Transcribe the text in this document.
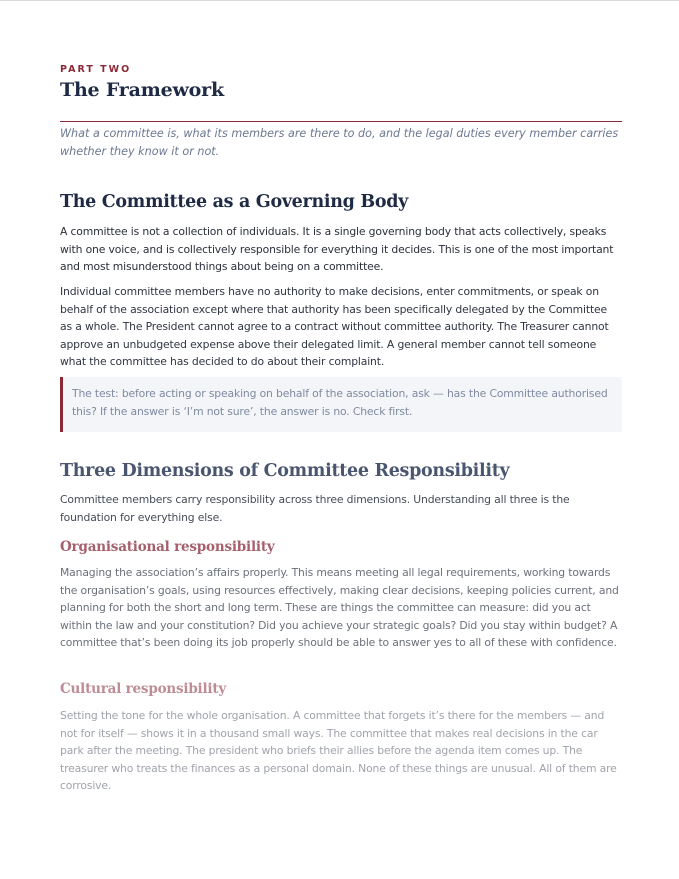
PART TWO
The Framework
What a committee is, what its members are there to do, and the legal duties every member carries whether they know it or not.
The Committee as a Governing Body

A committee is not a collection of individuals. It is a single governing body that acts collectively, speaks with one voice, and is collectively responsible for everything it decides. This is one of the most important and most misunderstood things about being on a committee.

Individual committee members have no authority to make decisions, enter commitments, or speak on behalf of the association except where that authority has been specifically delegated by the Committee as a whole. The President cannot agree to a contract without committee authority. The Treasurer cannot approve an unbudgeted expense above their delegated limit. A general member cannot tell someone what the committee has decided to do about their complaint.

The test: before acting or speaking on behalf of the association, ask — has the Committee authorised this? If the answer is ‘I’m not sure’, the answer is no. Check first.
Three Dimensions of Committee Responsibility

Committee members carry responsibility across three dimensions. Understanding all three is the foundation for everything else.

Organisational responsibility

Managing the association’s affairs properly. This means meeting all legal requirements, working towards the organisation’s goals, using resources effectively, making clear decisions, keeping policies current, and planning for both the short and long term. These are things the committee can measure: did you act within the law and your constitution? Did you achieve your strategic goals? Did you stay within budget? A committee that’s been doing its job properly should be able to answer yes to all of these with confidence.

Cultural responsibility

Setting the tone for the whole organisation. A committee that forgets it’s there for the members — and not for itself — shows it in a thousand small ways. The committee that makes real decisions in the car park after the meeting. The president who briefs their allies before the agenda item comes up. The treasurer who treats the finances as a personal domain. None of these things are unusual. All of them are corrosive.
